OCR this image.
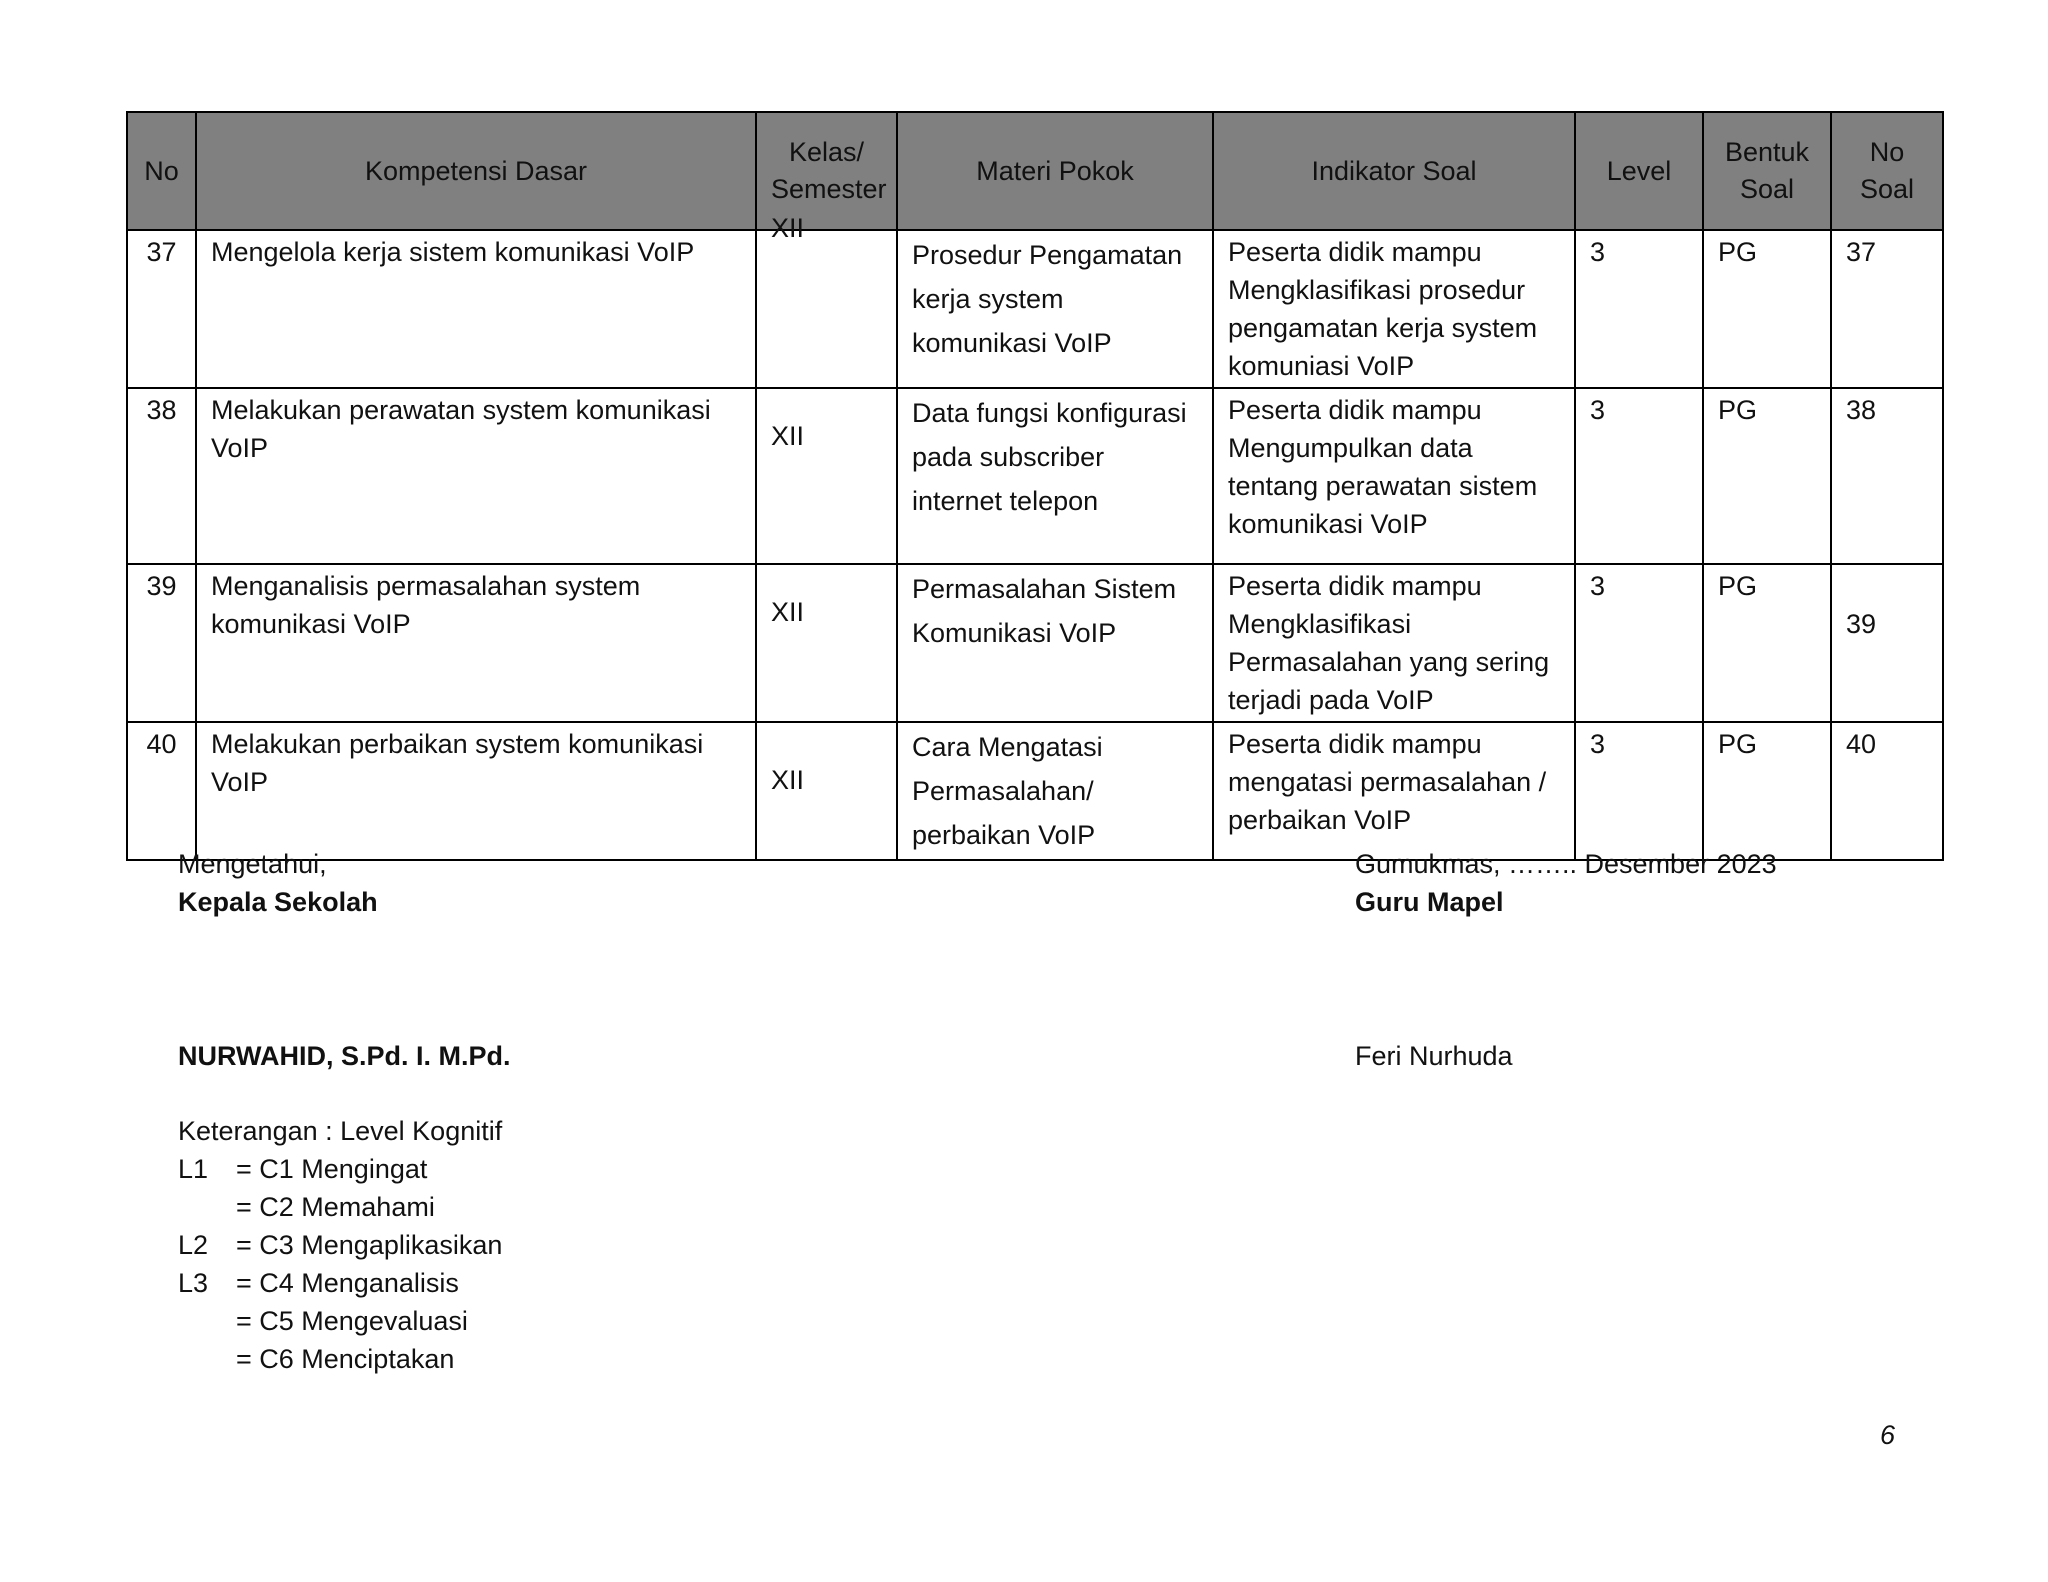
No	Kompetensi Dasar	Kelas/ Semester	Materi Pokok	Indikator Soal	Level	Bentuk Soal	No Soal
37	Mengelola kerja sistem komunikasi VoIP	XII	Prosedur Pengamatan kerja system komunikasi VoIP	Peserta didik mampu Mengklasifikasi prosedur pengamatan kerja system komuniasi VoIP	3	PG	37
38	Melakukan perawatan system komunikasi VoIP	XII	Data fungsi konfigurasi pada subscriber internet telepon	Peserta didik mampu Mengumpulkan data tentang perawatan sistem komunikasi VoIP	3	PG	38
39	Menganalisis permasalahan system komunikasi VoIP	XII	Permasalahan Sistem Komunikasi VoIP	Peserta didik mampu Mengklasifikasi Permasalahan yang sering terjadi pada VoIP	3	PG	39
40	Melakukan perbaikan system komunikasi VoIP	XII	Cara Mengatasi Permasalahan/ perbaikan VoIP	Peserta didik mampu mengatasi permasalahan / perbaikan VoIP	3	PG	40
Mengetahui,
Kepala Sekolah
NURWAHID, S.Pd. I. M.Pd.
Gumukmas, …….. Desember 2023
Guru Mapel
Feri Nurhuda
Keterangan : Level Kognitif
L1	= C1 Mengingat
= C2 Memahami
L2	= C3 Mengaplikasikan
L3	= C4 Menganalisis
= C5 Mengevaluasi
= C6 Menciptakan
6
